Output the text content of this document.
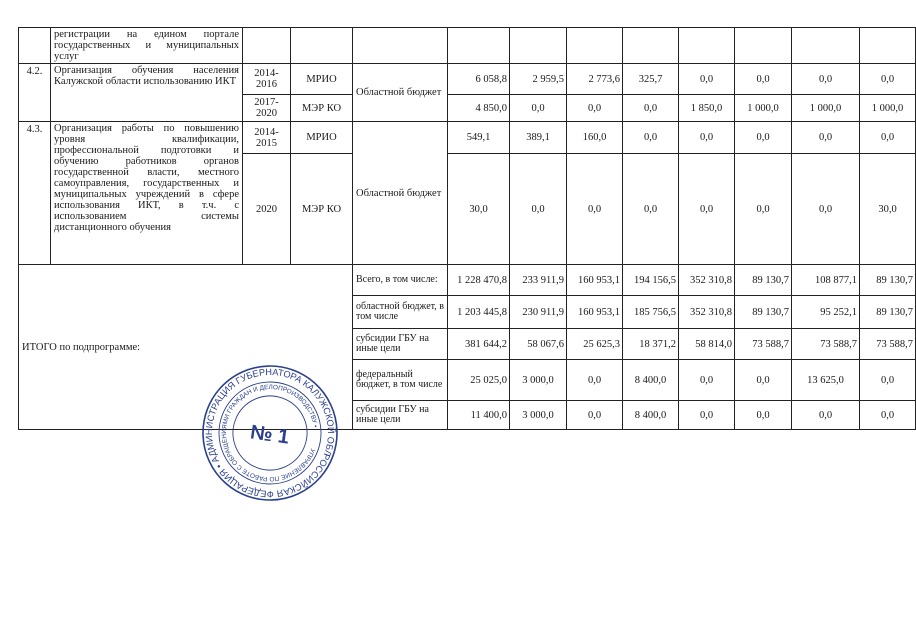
	регистрации на едином портале государственных и муниципальных услуг											
4.2.	Организация обучения населения Калужской области использованию ИКТ	2014-2016	МРИО	Областной бюджет	6 058,8	2 959,5	2 773,6	325,7	0,0	0,0	0,0	0,0
		2017-2020	МЭР КО		4 850,0	0,0	0,0	0,0	1 850,0	1 000,0	1 000,0	1 000,0
4.3.	Организация работы по повышению уровня квалификации, профессиональной подготовки и обучению работников органов государственной власти, местного самоуправления, государственных и муниципальных учреждений в сфере использования ИКТ, в т.ч. с использованием системы дистанционного обучения	2014-2015	МРИО	Областной бюджет	549,1	389,1	160,0	0,0	0,0	0,0	0,0	0,0
		2020	МЭР КО		30,0	0,0	0,0	0,0	0,0	0,0	0,0	30,0
ИТОГО по подпрограмме:				Всего, в том числе:	1 228 470,8	233 911,9	160 953,1	194 156,5	352 310,8	89 130,7	108 877,1	89 130,7
				областной бюджет, в том числе	1 203 445,8	230 911,9	160 953,1	185 756,5	352 310,8	89 130,7	95 252,1	89 130,7
				субсидии ГБУ на иные цели	381 644,2	58 067,6	25 625,3	18 371,2	58 814,0	73 588,7	73 588,7	73 588,7
				федеральный бюджет, в том числе	25 025,0	3 000,0	0,0	8 400,0	0,0	0,0	13 625,0	0,0
				субсидии ГБУ на иные цели	11 400,0	3 000,0	0,0	8 400,0	0,0	0,0	0,0	0,0
РОССИЙСКАЯ ФЕДЕРАЦИЯ • АДМИНИСТРАЦИЯ ГУБЕРНАТОРА КАЛУЖСКОЙ ОБЛАСТИ
УПРАВЛЕНИЕ ПО РАБОТЕ С ОБРАЩЕНИЯМИ ГРАЖДАН И ДЕЛОПРОИЗВОДСТВУ •
№ 1
